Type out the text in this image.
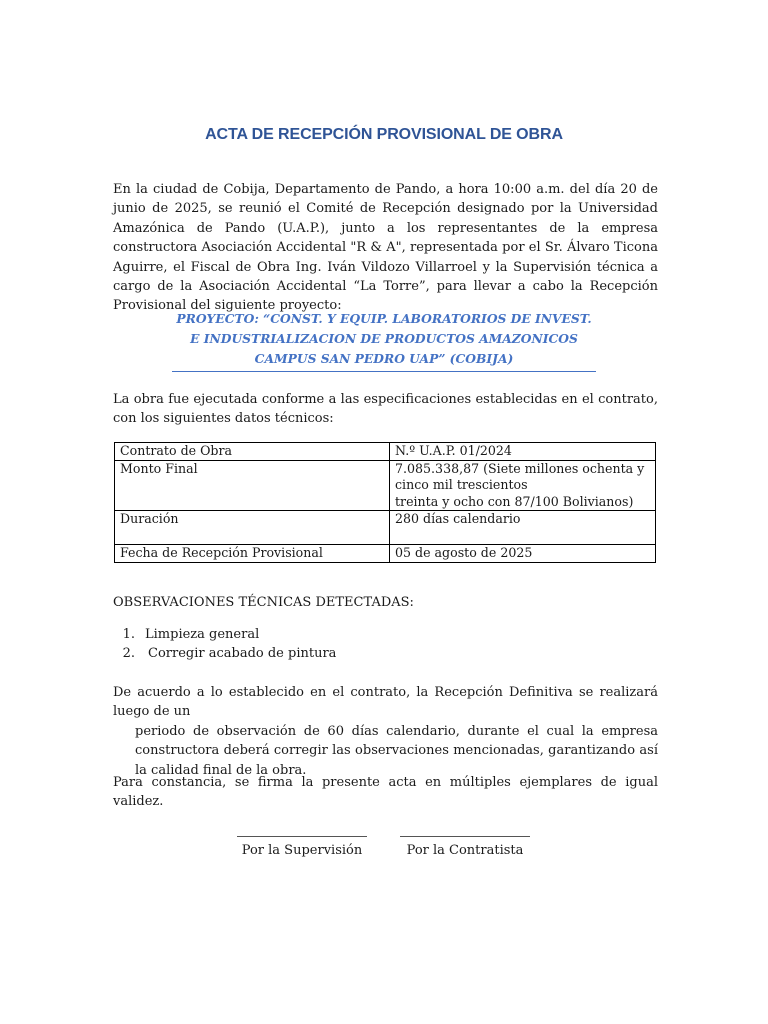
ACTA DE RECEPCIÓN PROVISIONAL DE OBRA
En la ciudad de Cobija, Departamento de Pando, a hora 10:00 a.m. del día 20 de junio de 2025, se reunió el Comité de Recepción designado por la Universidad Amazónica de Pando (U.A.P.), junto a los representantes de la empresa constructora Asociación Accidental "R & A", representada por el Sr. Álvaro Ticona Aguirre, el Fiscal de Obra Ing. Iván Vildozo Villarroel y la Supervisión técnica a cargo de la Asociación Accidental “La Torre”, para llevar a cabo la Recepción Provisional del siguiente proyecto:
PROYECTO: “CONST. Y EQUIP. LABORATORIOS DE INVEST. E INDUSTRIALIZACION DE PRODUCTOS AMAZONICOS CAMPUS SAN PEDRO UAP” (COBIJA)
La obra fue ejecutada conforme a las especificaciones establecidas en el contrato, con los siguientes datos técnicos:
Contrato de Obra	N.º U.A.P. 01/2024
Monto Final	7.085.338,87 (Siete millones ochenta y
cinco mil trescientos
treinta y ocho con 87/100 Bolivianos)

Duración	280 días calendario
Fecha de Recepción Provisional	05 de agosto de 2025
OBSERVACIONES TÉCNICAS DETECTADAS:
1. Limpieza general
2. Corregir acabado de pintura
De acuerdo a lo establecido en el contrato, la Recepción Definitiva se realizará luego de un
periodo de observación de 60 días calendario, durante el cual la empresa constructora deberá corregir las observaciones mencionadas, garantizando así la calidad final de la obra.
Para constancia, se firma la presente acta en múltiples ejemplares de igual validez.
Por la Supervisión	Por la Contratista
